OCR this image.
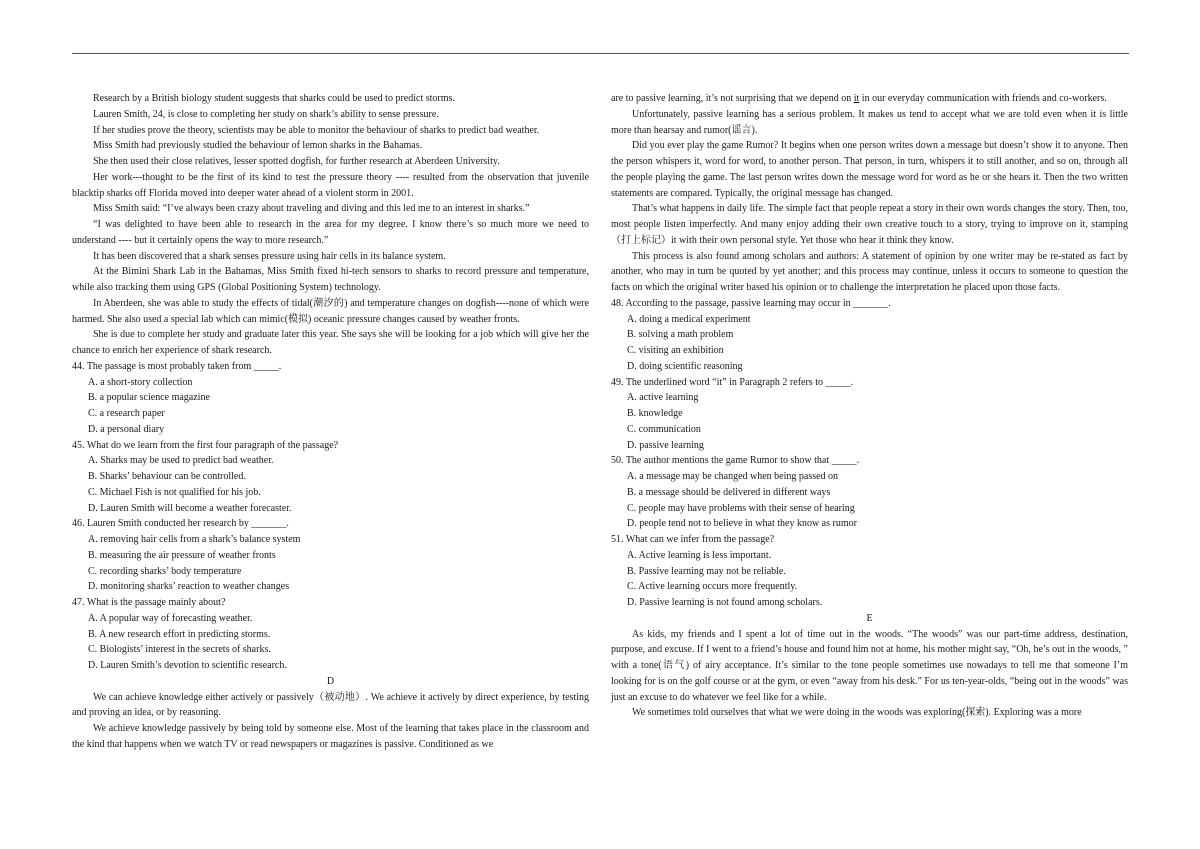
Research by a British biology student suggests that sharks could be used to predict storms.

Lauren Smith, 24, is close to completing her study on shark’s ability to sense pressure.

If her studies prove the theory, scientists may be able to monitor the behaviour of sharks to predict bad weather.

Miss Smith had previously studied the behaviour of lemon sharks in the Bahamas.

She then used their close relatives, lesser spotted dogfish, for further research at Aberdeen University.

Her work---thought to be the first of its kind to test the pressure theory ---- resulted from the observation that juvenile blacktip sharks off Florida moved into deeper water ahead of a violent storm in 2001.

Miss Smith said: “I’ve always been crazy about traveling and diving and this led me to an interest in sharks.”

“I was delighted to have been able to research in the area for my degree. I know there’s so much more we need to understand ---- but it certainly opens the way to more research.”

It has been discovered that a shark senses pressure using hair cells in its balance system.

At the Bimini Shark Lab in the Bahamas, Miss Smith fixed hi-tech sensors to sharks to record pressure and temperature, while also tracking them using GPS (Global Positioning System) technology.

In Aberdeen, she was able to study the effects of tidal(潮汐的) and temperature changes on dogfish----none of which were harmed. She also used a special lab which can mimic(模拟) oceanic pressure changes caused by weather fronts.

She is due to complete her study and graduate later this year. She says she will be looking for a job which will give her the chance to enrich her experience of shark research.

44. The passage is most probably taken from _____.

A. a short-story collection

B. a popular science magazine

C. a research paper

D. a personal diary

45. What do we learn from the first four paragraph of the passage?

A. Sharks may be used to predict bad weather.

B. Sharks’ behaviour can be controlled.

C. Michael Fish is not qualified for his job.

D. Lauren Smith will become a weather forecaster.

46. Lauren Smith conducted her research by _______.

A. removing hair cells from a shark’s balance system

B. measuring the air pressure of weather fronts

C. recording sharks’ body temperature

D. monitoring sharks’ reaction to weather changes

47. What is the passage mainly about?

A. A popular way of forecasting weather.

B. A new research effort in predicting storms.

C. Biologists’ interest in the secrets of sharks.

D. Lauren Smith’s devotion to scientific research.

D

We can achieve knowledge either actively or passively（被动地）. We achieve it actively by direct experience, by testing and proving an idea, or by reasoning.

We achieve knowledge passively by being told by someone else. Most of the learning that takes place in the classroom and the kind that happens when we watch TV or read newspapers or magazines is passive. Conditioned as we

are to passive learning, it’s not surprising that we depend on it in our everyday communication with friends and co-workers.

Unfortunately, passive learning has a serious problem. It makes us tend to accept what we are told even when it is little more than hearsay and rumor(谣言).

Did you ever play the game Rumor? It begins when one person writes down a message but doesn’t show it to anyone. Then the person whispers it, word for word, to another person. That person, in turn, whispers it to still another, and so on, through all the people playing the game. The last person writes down the message word for word as he or she hears it. Then the two written statements are compared. Typically, the original message has changed.

That’s what happens in daily life. The simple fact that people repeat a story in their own words changes the story. Then, too, most people listen imperfectly. And many enjoy adding their own creative touch to a story, trying to improve on it, stamping（打上标记）it with their own personal style. Yet those who hear it think they know.

This process is also found among scholars and authors: A statement of opinion by one writer may be re-stated as fact by another, who may in turn be quoted by yet another; and this process may continue, unless it occurs to someone to question the facts on which the original writer based his opinion or to challenge the interpretation he placed upon those facts.

48. According to the passage, passive learning may occur in _______.

A. doing a medical experiment

B. solving a math problem

C. visiting an exhibition

D. doing scientific reasoning

49. The underlined word “it” in Paragraph 2 refers to _____.

A. active learning

B. knowledge

C. communication

D. passive learning

50. The author mentions the game Rumor to show that _____.

A. a message may be changed when being passed on

B. a message should be delivered in different ways

C. people may have problems with their sense of hearing

D. people tend not to believe in what they know as rumor

51. What can we infer from the passage?

A. Active learning is less important.

B. Passive learning may not be reliable.

C. Active learning occurs more frequently.

D. Passive learning is not found among scholars.

E

As kids, my friends and I spent a lot of time out in the woods. “The woods” was our part-time address, destination, purpose, and excuse. If I went to a friend’s house and found him not at home, his mother might say, “Oh, he’s out in the woods, ” with a tone(语气) of airy acceptance. It’s similar to the tone people sometimes use nowadays to tell me that someone I’m looking for is on the golf course or at the gym, or even “away from his desk.” For us ten-year-olds, “being out in the woods” was just an excuse to do whatever we feel like for a while.

We sometimes told ourselves that what we were doing in the woods was exploring(探索). Exploring was a more
